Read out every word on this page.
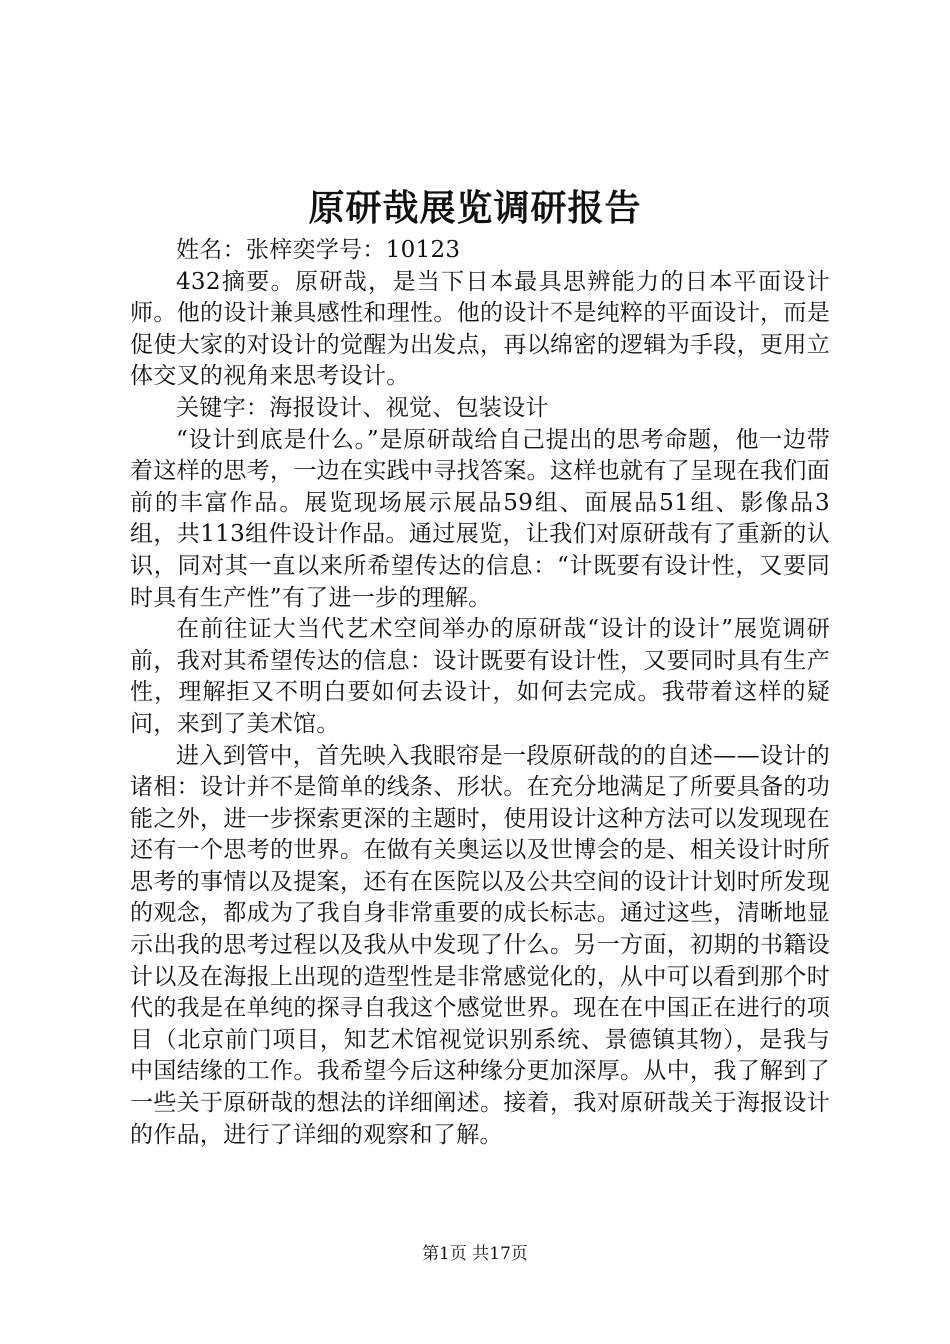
原研哉展览调研报告

姓名：张梓奕学号：10123

432摘要。原研哉，是当下日本最具思辨能力的日本平面设计师。他的设计兼具感性和理性。他的设计不是纯粹的平面设计，而是促使大家的对设计的觉醒为出发点，再以绵密的逻辑为手段，更用立体交叉的视角来思考设计。

关键字：海报设计、视觉、包装设计

“设计到底是什么。”是原研哉给自己提出的思考命题，他一边带着这样的思考，一边在实践中寻找答案。这样也就有了呈现在我们面前的丰富作品。展览现场展示展品59组、面展品51组、影像品3组，共113组件设计作品。通过展览，让我们对原研哉有了重新的认识，同对其一直以来所希望传达的信息：“计既要有设计性，又要同时具有生产性”有了进一步的理解。

在前往证大当代艺术空间举办的原研哉“设计的设计”展览调研前，我对其希望传达的信息：设计既要有设计性，又要同时具有生产性，理解拒又不明白要如何去设计，如何去完成。我带着这样的疑问，来到了美术馆。

进入到管中，首先映入我眼帘是一段原研哉的的自述——设计的诸相：设计并不是简单的线条、形状。在充分地满足了所要具备的功能之外，进一步探索更深的主题时，使用设计这种方法可以发现现在还有一个思考的世界。在做有关奥运以及世博会的是、相关设计时所思考的事情以及提案，还有在医院以及公共空间的设计计划时所发现的观念，都成为了我自身非常重要的成长标志。通过这些，清晰地显示出我的思考过程以及我从中发现了什么。另一方面，初期的书籍设计以及在海报上出现的造型性是非常感觉化的，从中可以看到那个时代的我是在单纯的探寻自我这个感觉世界。现在在中国正在进行的项目（北京前门项目，知艺术馆视觉识别系统、景德镇其物），是我与中国结缘的工作。我希望今后这种缘分更加深厚。从中，我了解到了一些关于原研哉的想法的详细阐述。接着，我对原研哉关于海报设计的作品，进行了详细的观察和了解。

第1页 共17页
